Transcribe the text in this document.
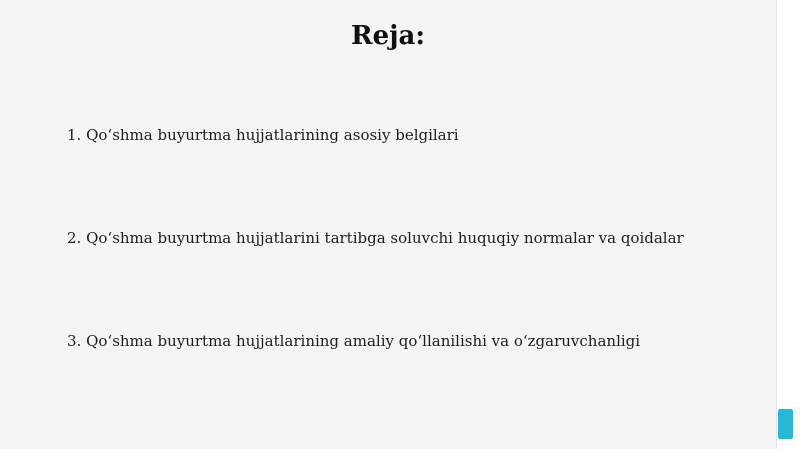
Reja:
1. Qoʻshma buyurtma hujjatlarining asosiy belgilari
2. Qoʻshma buyurtma hujjatlarini tartibga soluvchi huquqiy normalar va qoidalar
3. Qoʻshma buyurtma hujjatlarining amaliy qoʻllanilishi va oʻzgaruvchanligi
